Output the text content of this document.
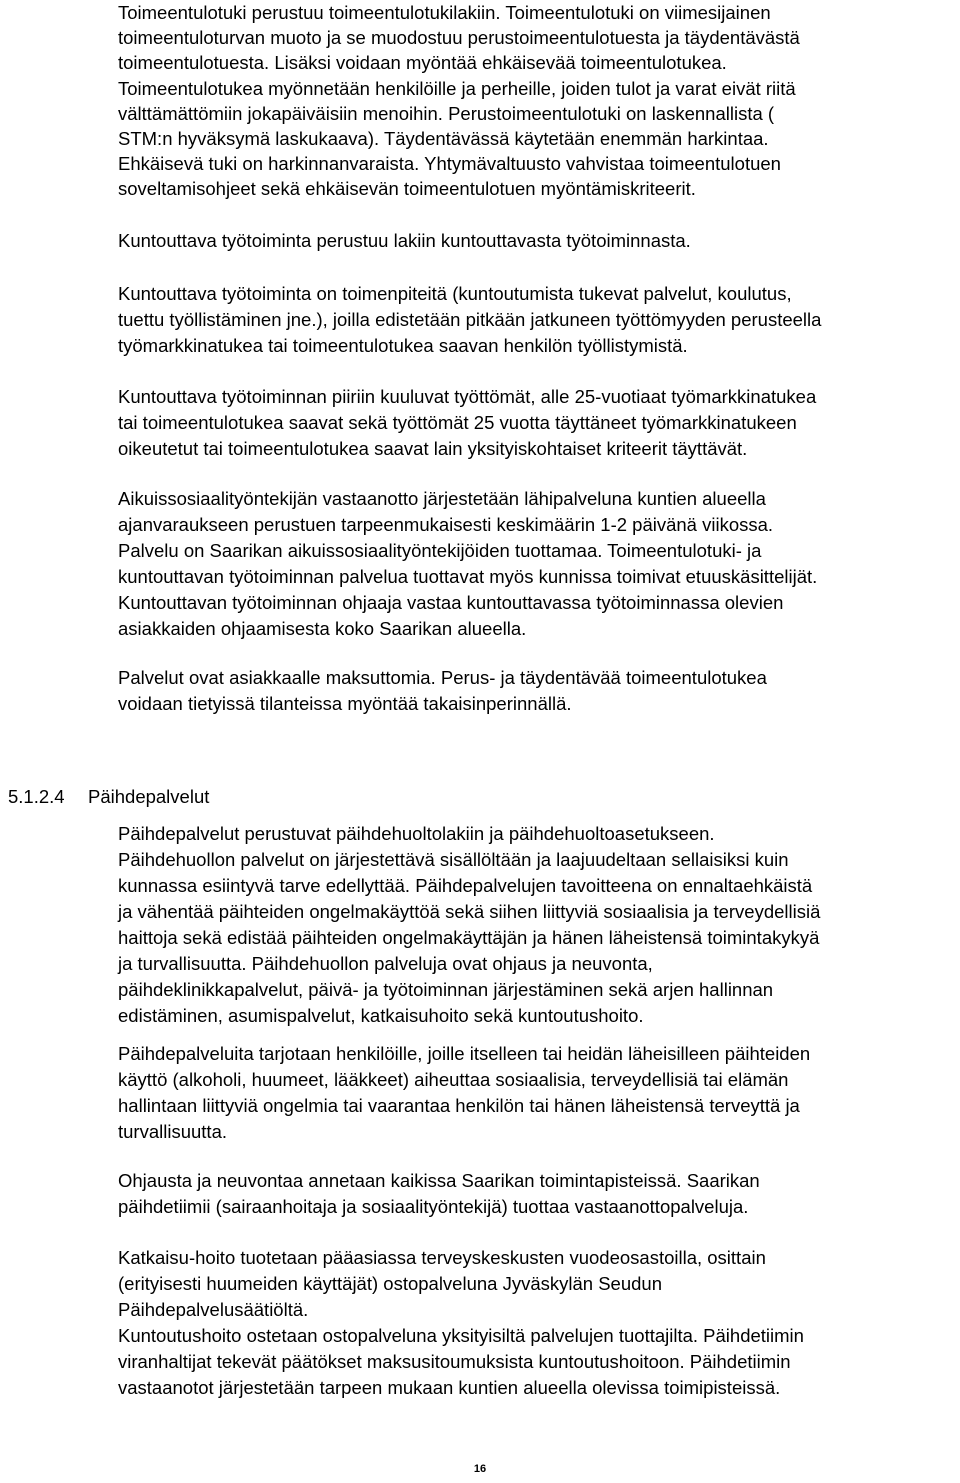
Toimeentulotuki perustuu toimeentulotukilakiin. Toimeentulotuki on viimesijainen
toimeentuloturvan muoto ja se muodostuu perustoimeentulotuesta ja täydentävästä
toimeentulotuesta. Lisäksi voidaan myöntää ehkäisevää toimeentulotukea.
Toimeentulotukea myönnetään henkilöille ja perheille, joiden tulot ja varat eivät riitä
välttämättömiin jokapäiväisiin menoihin. Perustoimeentulotuki on laskennallista (
STM:n hyväksymä laskukaava). Täydentävässä käytetään enemmän harkintaa.
Ehkäisevä tuki on harkinnanvaraista. Yhtymävaltuusto vahvistaa toimeentulotuen
soveltamisohjeet sekä ehkäisevän toimeentulotuen myöntämiskriteerit.

Kuntouttava työtoiminta perustuu lakiin kuntouttavasta työtoiminnasta.

Kuntouttava työtoiminta on toimenpiteitä (kuntoutumista tukevat palvelut, koulutus,
tuettu työllistäminen jne.), joilla edistetään pitkään jatkuneen työttömyyden perusteella
työmarkkinatukea tai toimeentulotukea saavan henkilön työllistymistä.

Kuntouttava työtoiminnan piiriin kuuluvat työttömät, alle 25-vuotiaat työmarkkinatukea
tai toimeentulotukea saavat sekä työttömät 25 vuotta täyttäneet työmarkkinatukeen
oikeutetut tai toimeentulotukea saavat lain yksityiskohtaiset kriteerit täyttävät.

Aikuissosiaalityöntekijän vastaanotto järjestetään lähipalveluna kuntien alueella
ajanvaraukseen perustuen tarpeenmukaisesti keskimäärin 1-2 päivänä viikossa.
Palvelu on Saarikan aikuissosiaalityöntekijöiden tuottamaa. Toimeentulotuki- ja
kuntouttavan työtoiminnan palvelua tuottavat myös kunnissa toimivat etuuskäsittelijät.
Kuntouttavan työtoiminnan ohjaaja vastaa kuntouttavassa työtoiminnassa olevien
asiakkaiden ohjaamisesta koko Saarikan alueella.

Palvelut ovat asiakkaalle maksuttomia. Perus- ja täydentävää toimeentulotukea
voidaan tietyissä tilanteissa myöntää takaisinperinnällä.

5.1.2.4 Päihdepalvelut

Päihdepalvelut perustuvat päihdehuoltolakiin ja päihdehuoltoasetukseen.
Päihdehuollon palvelut on järjestettävä sisällöltään ja laajuudeltaan sellaisiksi kuin
kunnassa esiintyvä tarve edellyttää. Päihdepalvelujen tavoitteena on ennaltaehkäistä
ja vähentää päihteiden ongelmakäyttöä sekä siihen liittyviä sosiaalisia ja terveydellisiä
haittoja sekä edistää päihteiden ongelmakäyttäjän ja hänen läheistensä toimintakykyä
ja turvallisuutta. Päihdehuollon palveluja ovat ohjaus ja neuvonta,
päihdeklinikkapalvelut, päivä- ja työtoiminnan järjestäminen sekä arjen hallinnan
edistäminen, asumispalvelut, katkaisuhoito sekä kuntoutushoito.

Päihdepalveluita tarjotaan henkilöille, joille itselleen tai heidän läheisilleen päihteiden
käyttö (alkoholi, huumeet, lääkkeet) aiheuttaa sosiaalisia, terveydellisiä tai elämän
hallintaan liittyviä ongelmia tai vaarantaa henkilön tai hänen läheistensä terveyttä ja
turvallisuutta.

Ohjausta ja neuvontaa annetaan kaikissa Saarikan toimintapisteissä. Saarikan
päihdetiimii (sairaanhoitaja ja sosiaalityöntekijä) tuottaa vastaanottopalveluja.

Katkaisu-hoito tuotetaan pääasiassa terveyskeskusten vuodeosastoilla, osittain
(erityisesti huumeiden käyttäjät) ostopalveluna Jyväskylän Seudun
Päihdepalvelusäätiöltä.
Kuntoutushoito ostetaan ostopalveluna yksityisiltä palvelujen tuottajilta. Päihdetiimin
viranhaltijat tekevät päätökset maksusitoumuksista kuntoutushoitoon. Päihdetiimin
vastaanotot järjestetään tarpeen mukaan kuntien alueella olevissa toimipisteissä.

16
